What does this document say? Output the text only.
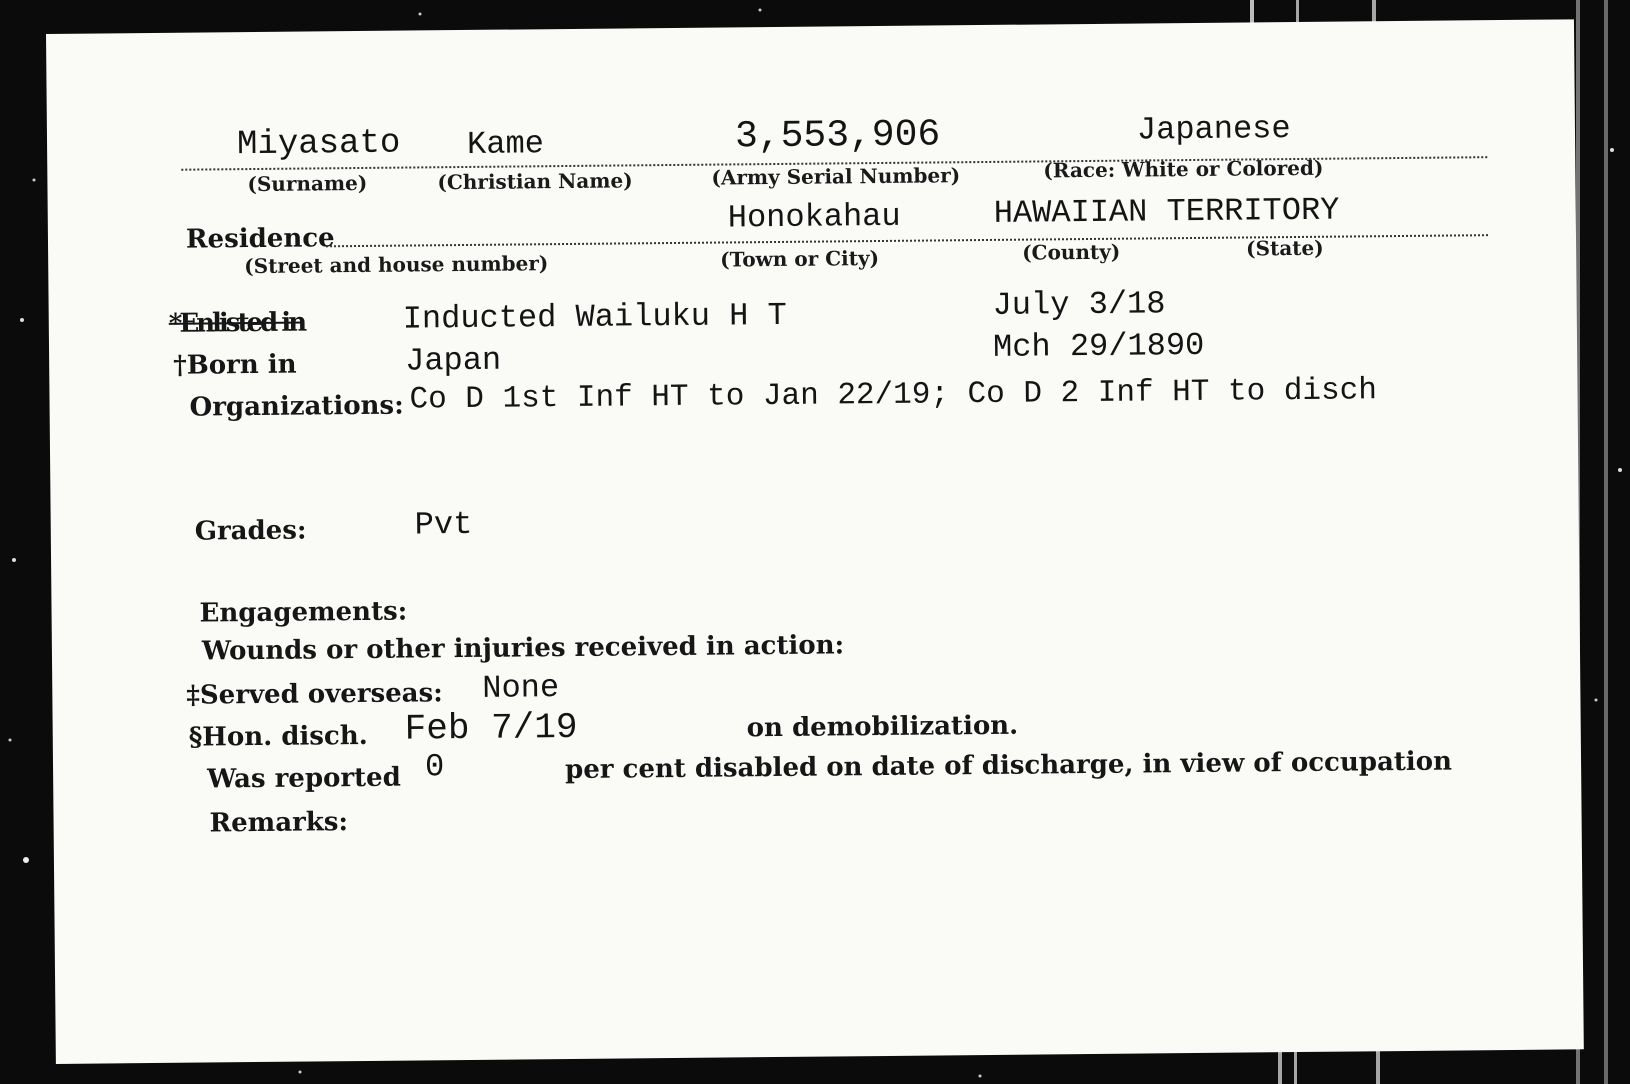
Miyasato Kame	3,553,906	Japanese
(Surname)	(Christian Name)	(Army Serial Number)	(Race: White or Colored)
Residence
Honokahau	HAWAIIAN TERRITORY
(Street and house number)	(Town or City)	(County)	(State)
*Enlisted in	Inducted Wailuku H T	July 3/18
†Born in	Japan	Mch 29/1890
Organizations: Co D 1st Inf HT to Jan 22/19; Co D 2 Inf HT to disch
Grades:	Pvt
Engagements:
Wounds or other injuries received in action:
‡Served overseas: None
§Hon. disch. Feb 7/19	on demobilization.
Was reported 0	per cent disabled on date of discharge, in view of occupation
Remarks:
